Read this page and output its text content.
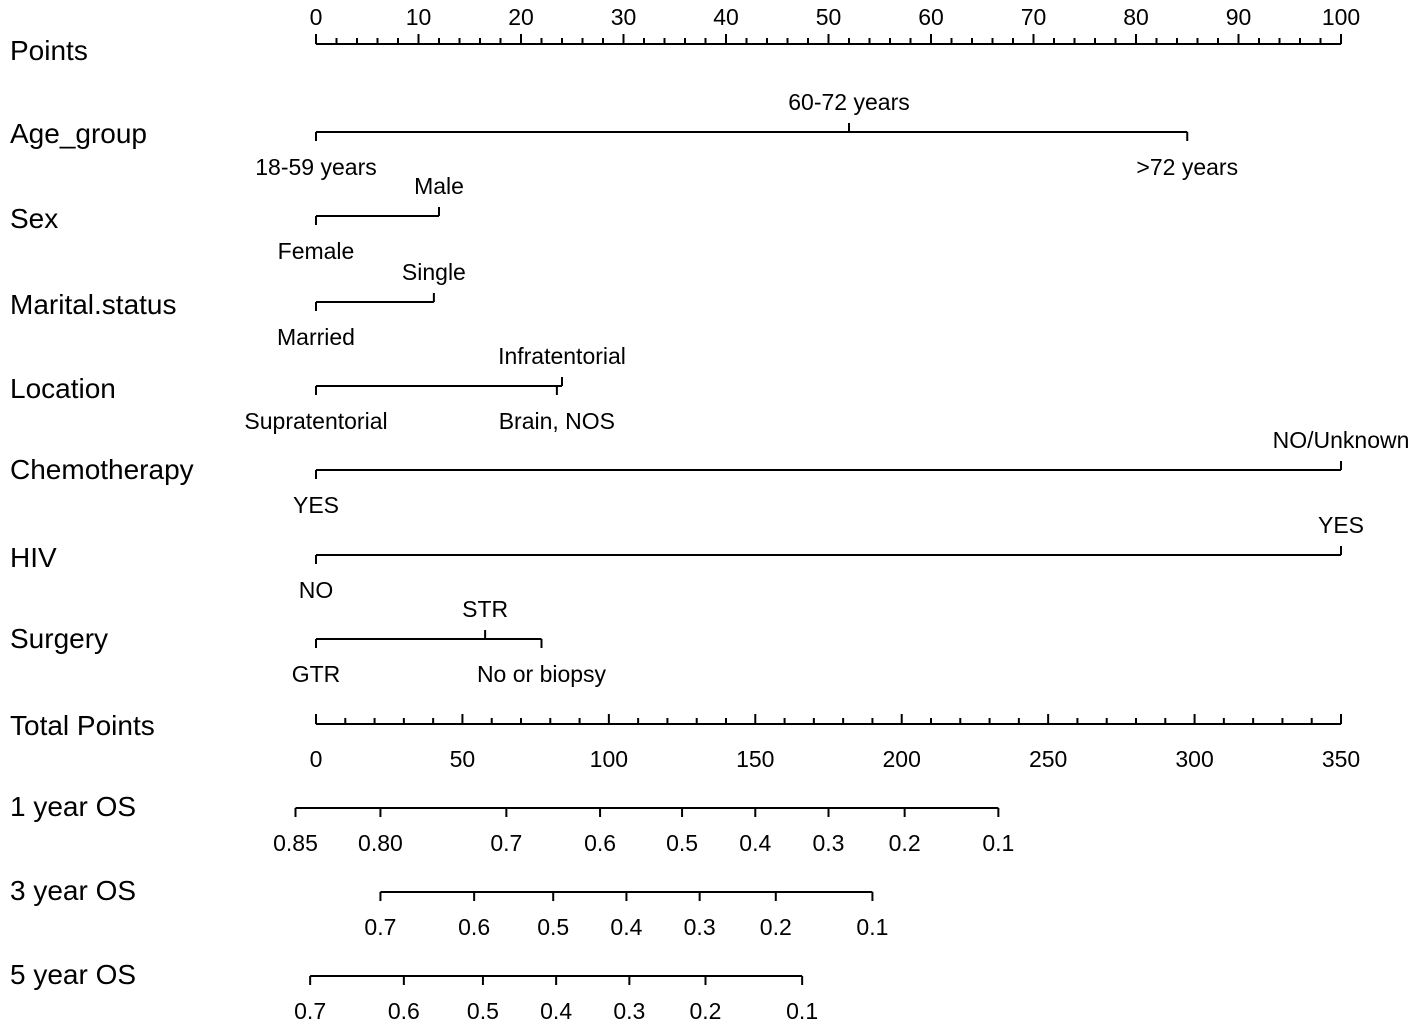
Points
0	10	20	30	40	50	60	70	80	90	100
Age_group
18-59 years
60-72 years
>72 years
Sex
Female
Male
Marital.status
Married
Single
Location
Supratentorial	Brain, NOS
Infratentorial
Chemotherapy
YES
NO/Unknown
HIV
NO
YES
Surgery
GTR
STR
No or biopsy
Total Points
0	50	100	150	200	250	300	350
1 year OS
0.85 0.80	0.7	0.6 0.5 0.4 0.3 0.2	0.1
3 year OS
0.7	0.6 0.5 0.4 0.3 0.2	0.1
5 year OS
0.7	0.6 0.5 0.4 0.3 0.2	0.1
